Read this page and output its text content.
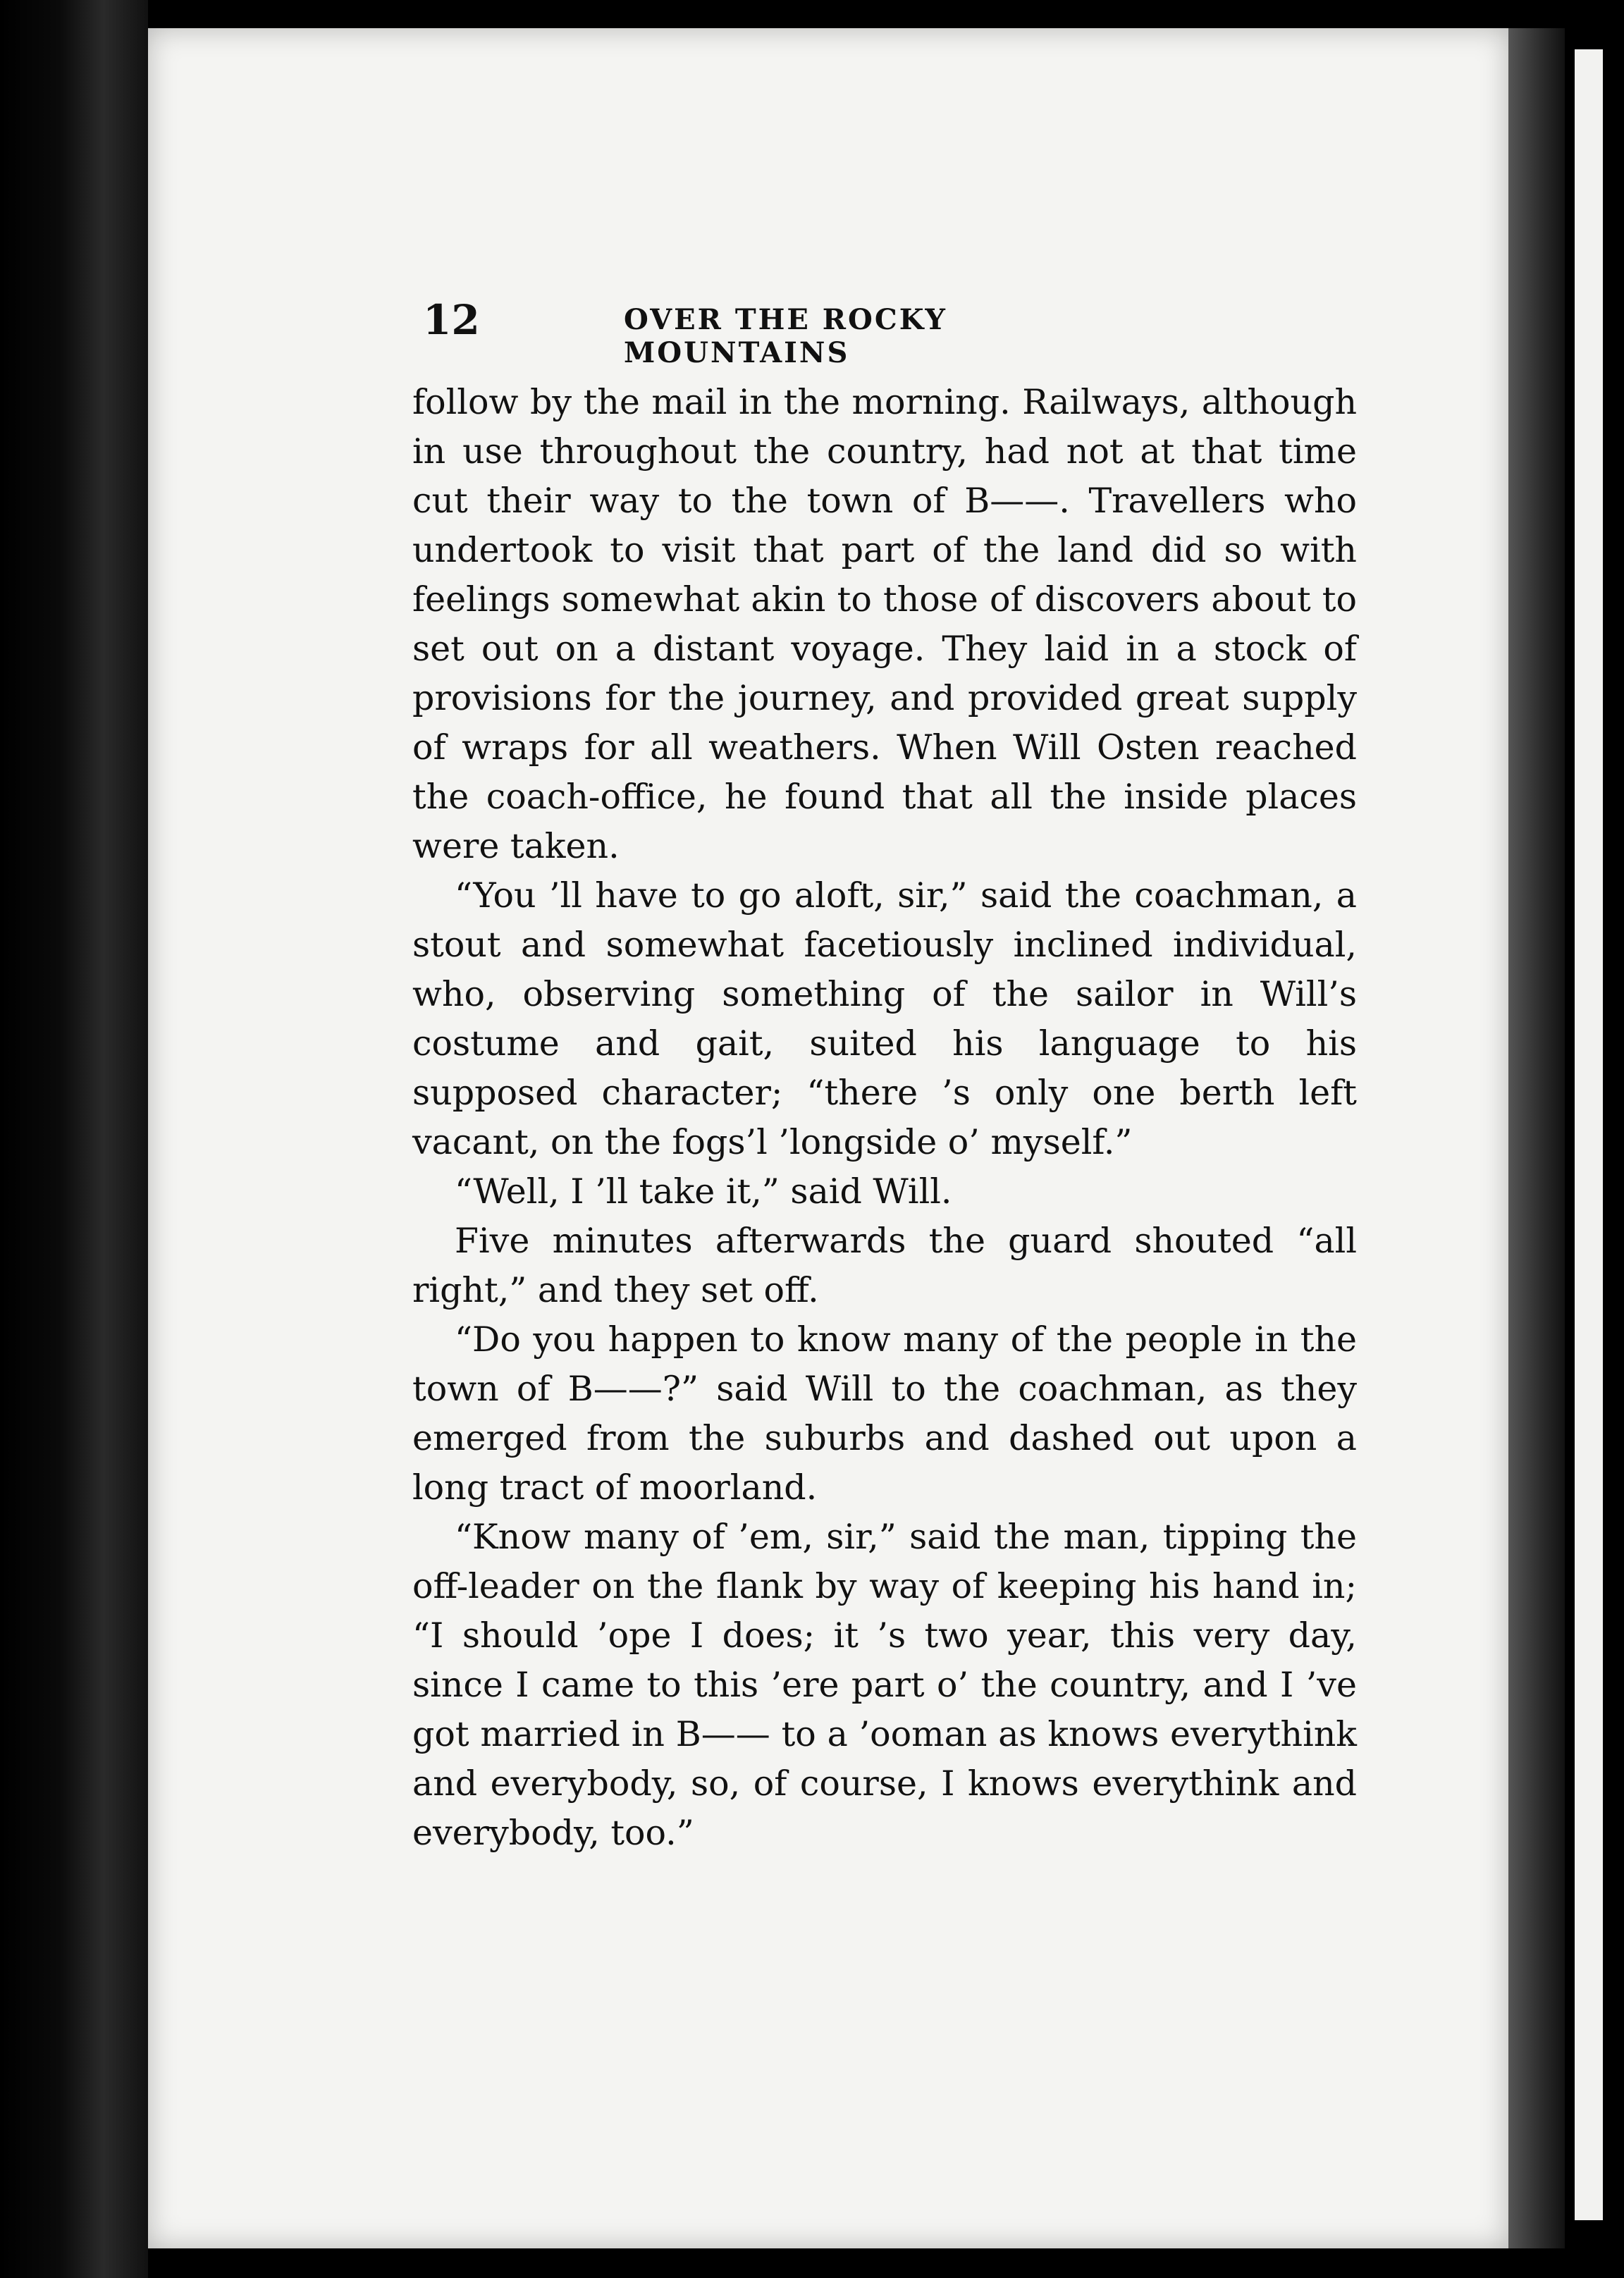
12	OVER THE ROCKY MOUNTAINS

follow by the mail in the morning. Railways, although in use throughout the country, had not at that time cut their way to the town of B——. Travellers who undertook to visit that part of the land did so with feelings somewhat akin to those of discovers about to set out on a distant voyage. They laid in a stock of provisions for the journey, and provided great supply of wraps for all weathers. When Will Osten reached the coach-office, he found that all the inside places were taken.

“You ’ll have to go aloft, sir,” said the coachman, a stout and somewhat facetiously inclined individual, who, observing something of the sailor in Will’s costume and gait, suited his language to his supposed character; “there ’s only one berth left vacant, on the fogs’l ’longside o’ myself.”

“Well, I ’ll take it,” said Will.

Five minutes afterwards the guard shouted “all right,” and they set off.

“Do you happen to know many of the people in the town of B——?” said Will to the coachman, as they emerged from the suburbs and dashed out upon a long tract of moorland.

“Know many of ’em, sir,” said the man, tipping the off-leader on the flank by way of keeping his hand in; “I should ’ope I does; it ’s two year, this very day, since I came to this ’ere part o’ the country, and I ’ve got married in B—— to a ’ooman as knows everythink and everybody, so, of course, I knows everythink and everybody, too.”
